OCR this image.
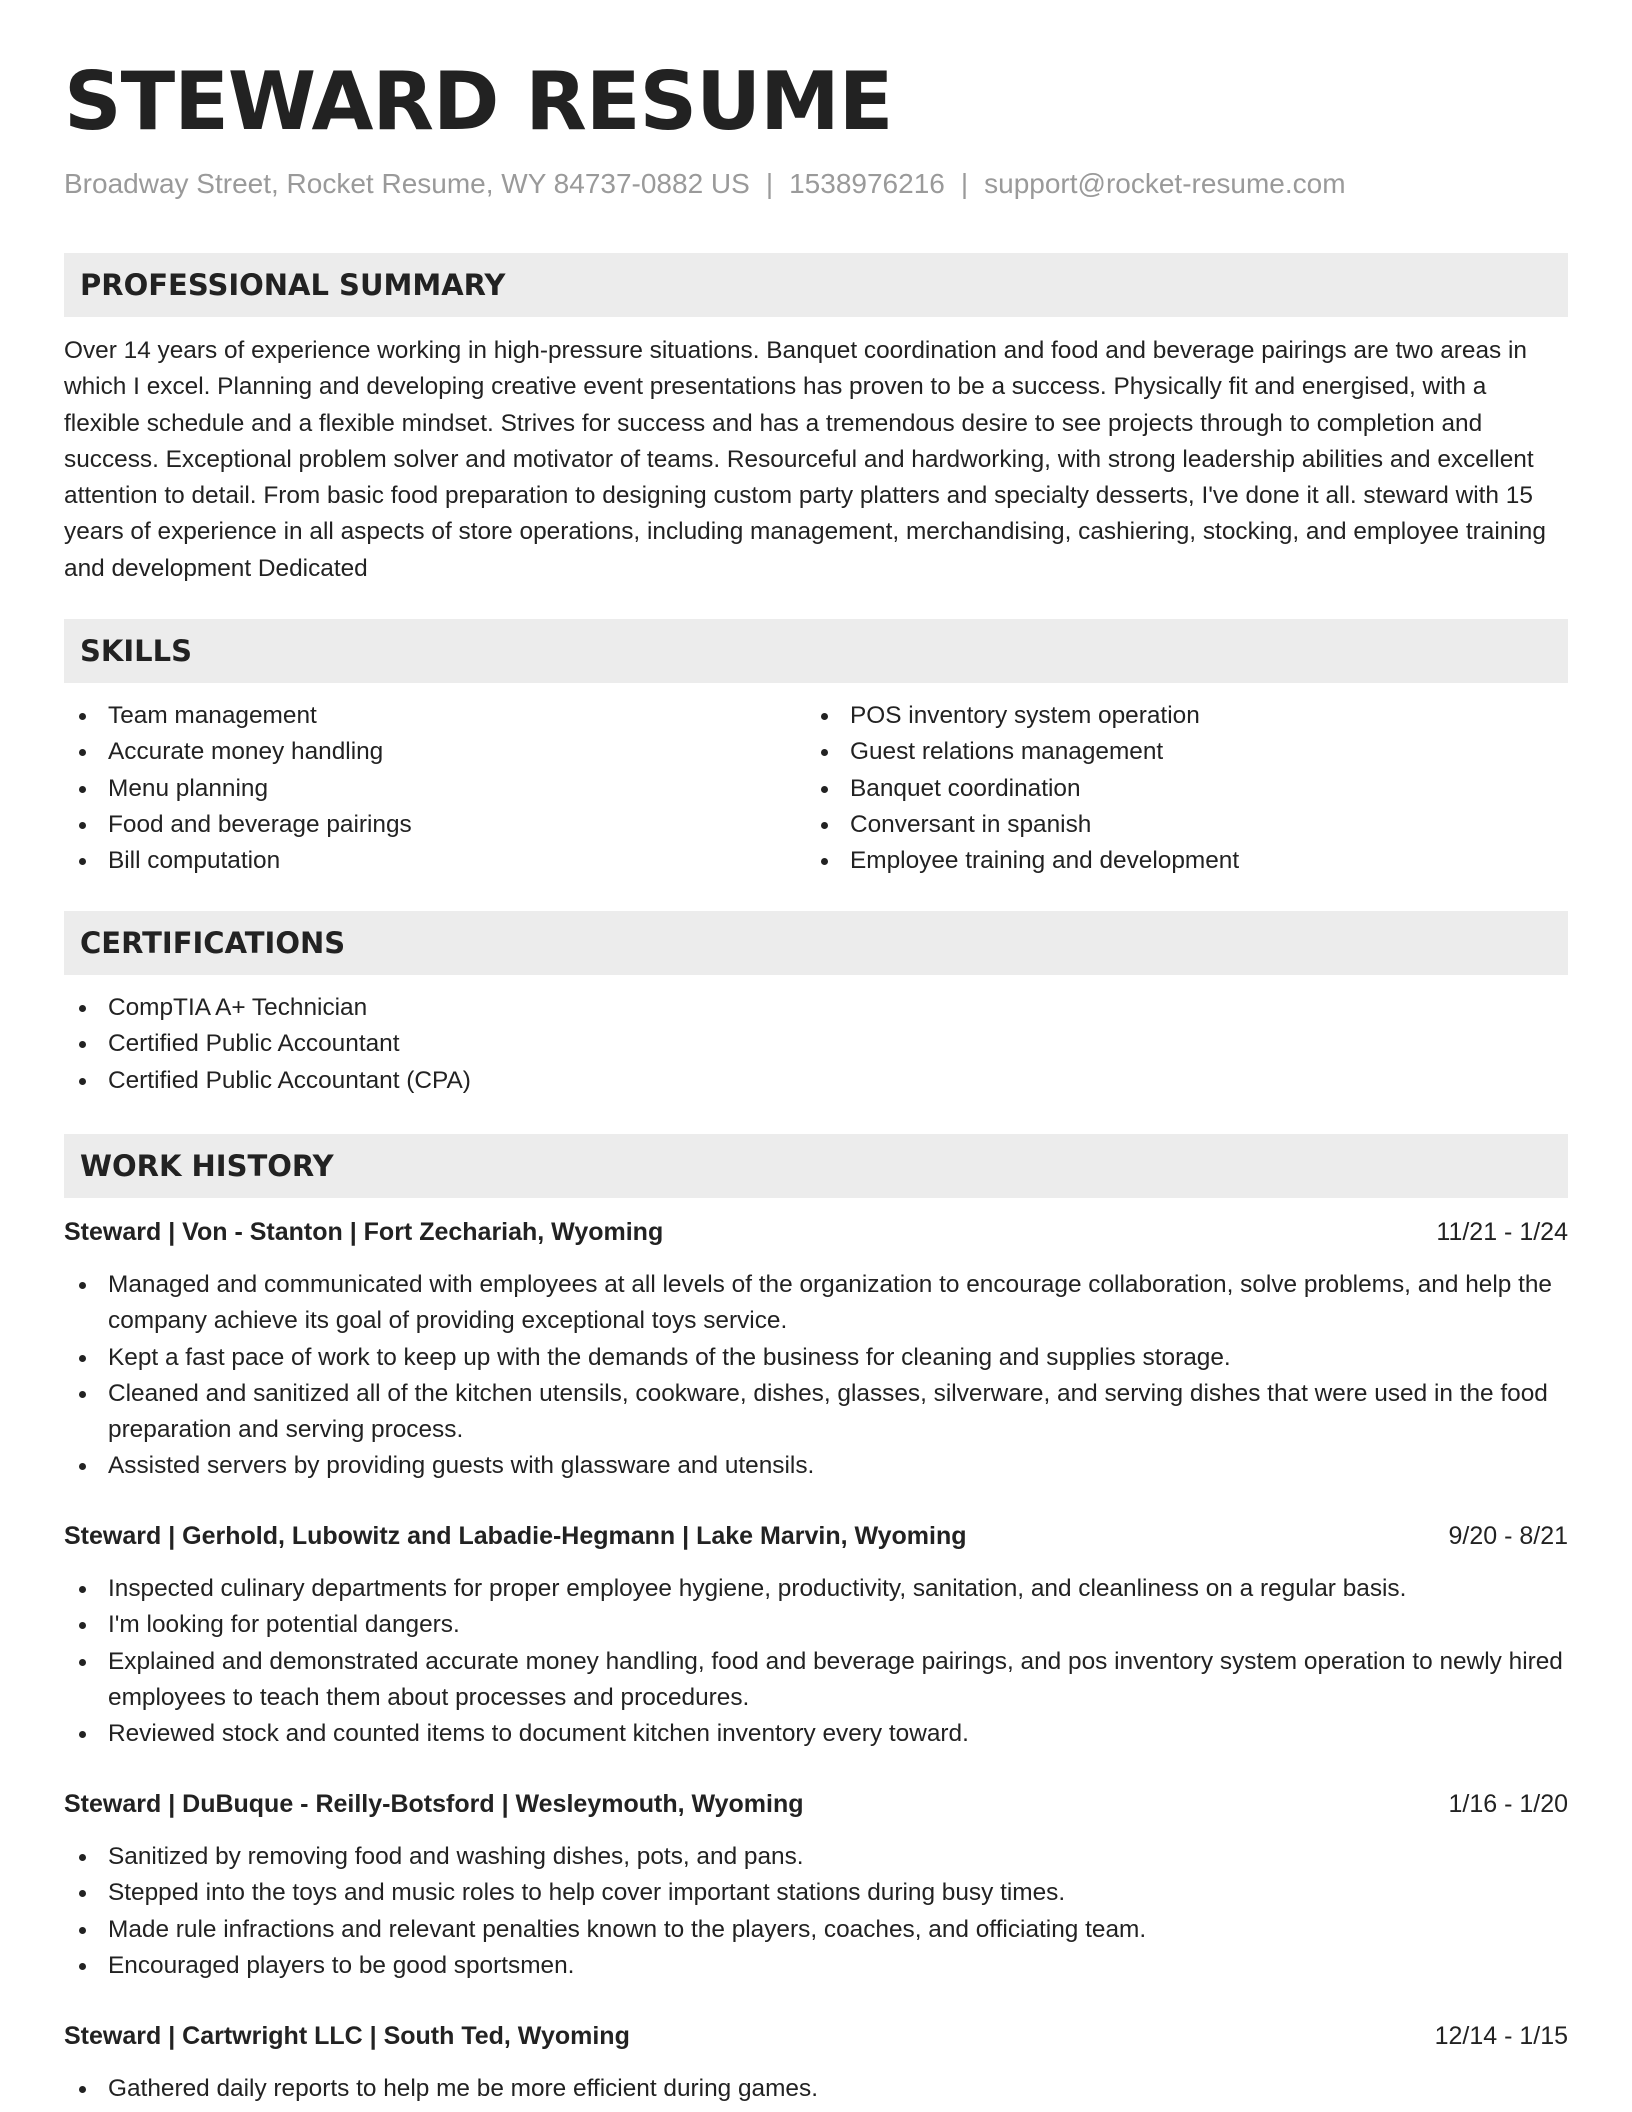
STEWARD RESUME
Broadway Street, Rocket Resume, WY 84737-0882 US | 1538976216 | support@rocket-resume.com
PROFESSIONAL SUMMARY

Over 14 years of experience working in high-pressure situations. Banquet coordination and food and beverage pairings are two areas in which I excel. Planning and developing creative event presentations has proven to be a success. Physically fit and energised, with a flexible schedule and a flexible mindset. Strives for success and has a tremendous desire to see projects through to completion and success. Exceptional problem solver and motivator of teams. Resourceful and hardworking, with strong leadership abilities and excellent attention to detail. From basic food preparation to designing custom party platters and specialty desserts, I've done it all. steward with 15 years of experience in all aspects of store operations, including management, merchandising, cashiering, stocking, and employee training and development Dedicated

SKILLS
Team management
Accurate money handling
Menu planning
Food and beverage pairings
Bill computation
POS inventory system operation
Guest relations management
Banquet coordination
Conversant in spanish
Employee training and development
CERTIFICATIONS
CompTIA A+ Technician
Certified Public Accountant
Certified Public Accountant (CPA)
WORK HISTORY
Steward | Von - Stanton | Fort Zechariah, Wyoming	11/21 - 1/24
Managed and communicated with employees at all levels of the organization to encourage collaboration, solve problems, and help the company achieve its goal of providing exceptional toys service.
Kept a fast pace of work to keep up with the demands of the business for cleaning and supplies storage.
Cleaned and sanitized all of the kitchen utensils, cookware, dishes, glasses, silverware, and serving dishes that were used in the food preparation and serving process.
Assisted servers by providing guests with glassware and utensils.
Steward | Gerhold, Lubowitz and Labadie-Hegmann | Lake Marvin, Wyoming	9/20 - 8/21
Inspected culinary departments for proper employee hygiene, productivity, sanitation, and cleanliness on a regular basis.
I'm looking for potential dangers.
Explained and demonstrated accurate money handling, food and beverage pairings, and pos inventory system operation to newly hired employees to teach them about processes and procedures.
Reviewed stock and counted items to document kitchen inventory every toward.
Steward | DuBuque - Reilly-Botsford | Wesleymouth, Wyoming	1/16 - 1/20
Sanitized by removing food and washing dishes, pots, and pans.
Stepped into the toys and music roles to help cover important stations during busy times.
Made rule infractions and relevant penalties known to the players, coaches, and officiating team.
Encouraged players to be good sportsmen.
Steward | Cartwright LLC | South Ted, Wyoming	12/14 - 1/15
Gathered daily reports to help me be more efficient during games.
